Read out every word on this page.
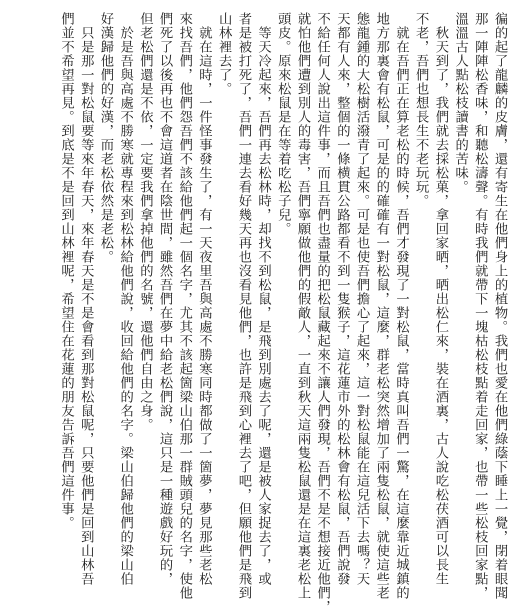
徧的起了龍麟的皮膚，還有寄生在他們身上的植物。我們也愛在他們綠蔭下睡上一覺，閉着眼聞
那一陣陣松香味，和聽松濤聲。有時我們就帶下一塊枯松枝點着走回家，也帶一些松枝回家點，
溫溫古人點松枝讀書的苦味。
　秋天到了，我們就去採松菓，拿回家晒，晒出松仁來，裝在酒裏，古人說吃松茯酒可以長生
不老，吾們也想長生不老玩玩。
　就在吾們正在算老松的時候，吾們才發現了一對松鼠，當時真叫吾們一驚，在這麼靠近城鎮的
地方那裏會有松鼠，可是的的確確有一對松鼠，這麼，群老松突然增加了兩隻松鼠，就使這些老
態龍鍾的大松樹活潑青了起來。可是也使吾們擔心了起來，這一對松鼠能在這兒活下去嗎？天
天都有人來，整個的一條横貫公路都看不到一隻猴子，這花蓮市外的松林會有松鼠，吾們說發
不給任何人說出這件事，而且吾們也盡量的把松鼠藏起來不讓人們發現，吾們不是不想接近他們，
就怕他們遭到別人的毒害，吾們寧願做他們的假敵人，一直到秋天這兩隻松鼠還是在這裏老松上
頭皮。原來松鼠是在等着吃松子兒。
　等天冷起來，吾們再去松林時，却找不到松鼠，是飛到別處去了呢，還是被人家捉去了，或
者是被打死了，吾們一連去看好幾天再也沒看見他們，也許是飛到心裡去了吧，但願他們是飛到
山林裡去了。
　就在這時，一件怪事發生了，有一天夜里吾與高處不勝寒同時都做了一箇夢，夢見那些老松
來找吾們，他們怨吾們不該給他們起一個名字，尤其不該起箇梁山伯那一群賊頭兒的名字，使他
們死了以後再也不會這道者在陰世間，雖然吾們在夢中給老松們說，這只是一種遊戲好玩的，
但老松們還是不依，一定要我們拿掉他們的名號，還他們自由之身。
　於是吾與高處不勝寒就專程來到松林給他們說，收回給他們的名字。梁山伯歸他們的梁山伯
好漢歸他們的好漢，而老松依然是老松。
　只是那一對松鼠要等來年春天，來年春天是不是會看到那對松鼠呢，只要他們是回到山林吾
們並不希望再見。到底是不是回到山林裡呢，希望住在花蓮的朋友告訴吾們這件事。
